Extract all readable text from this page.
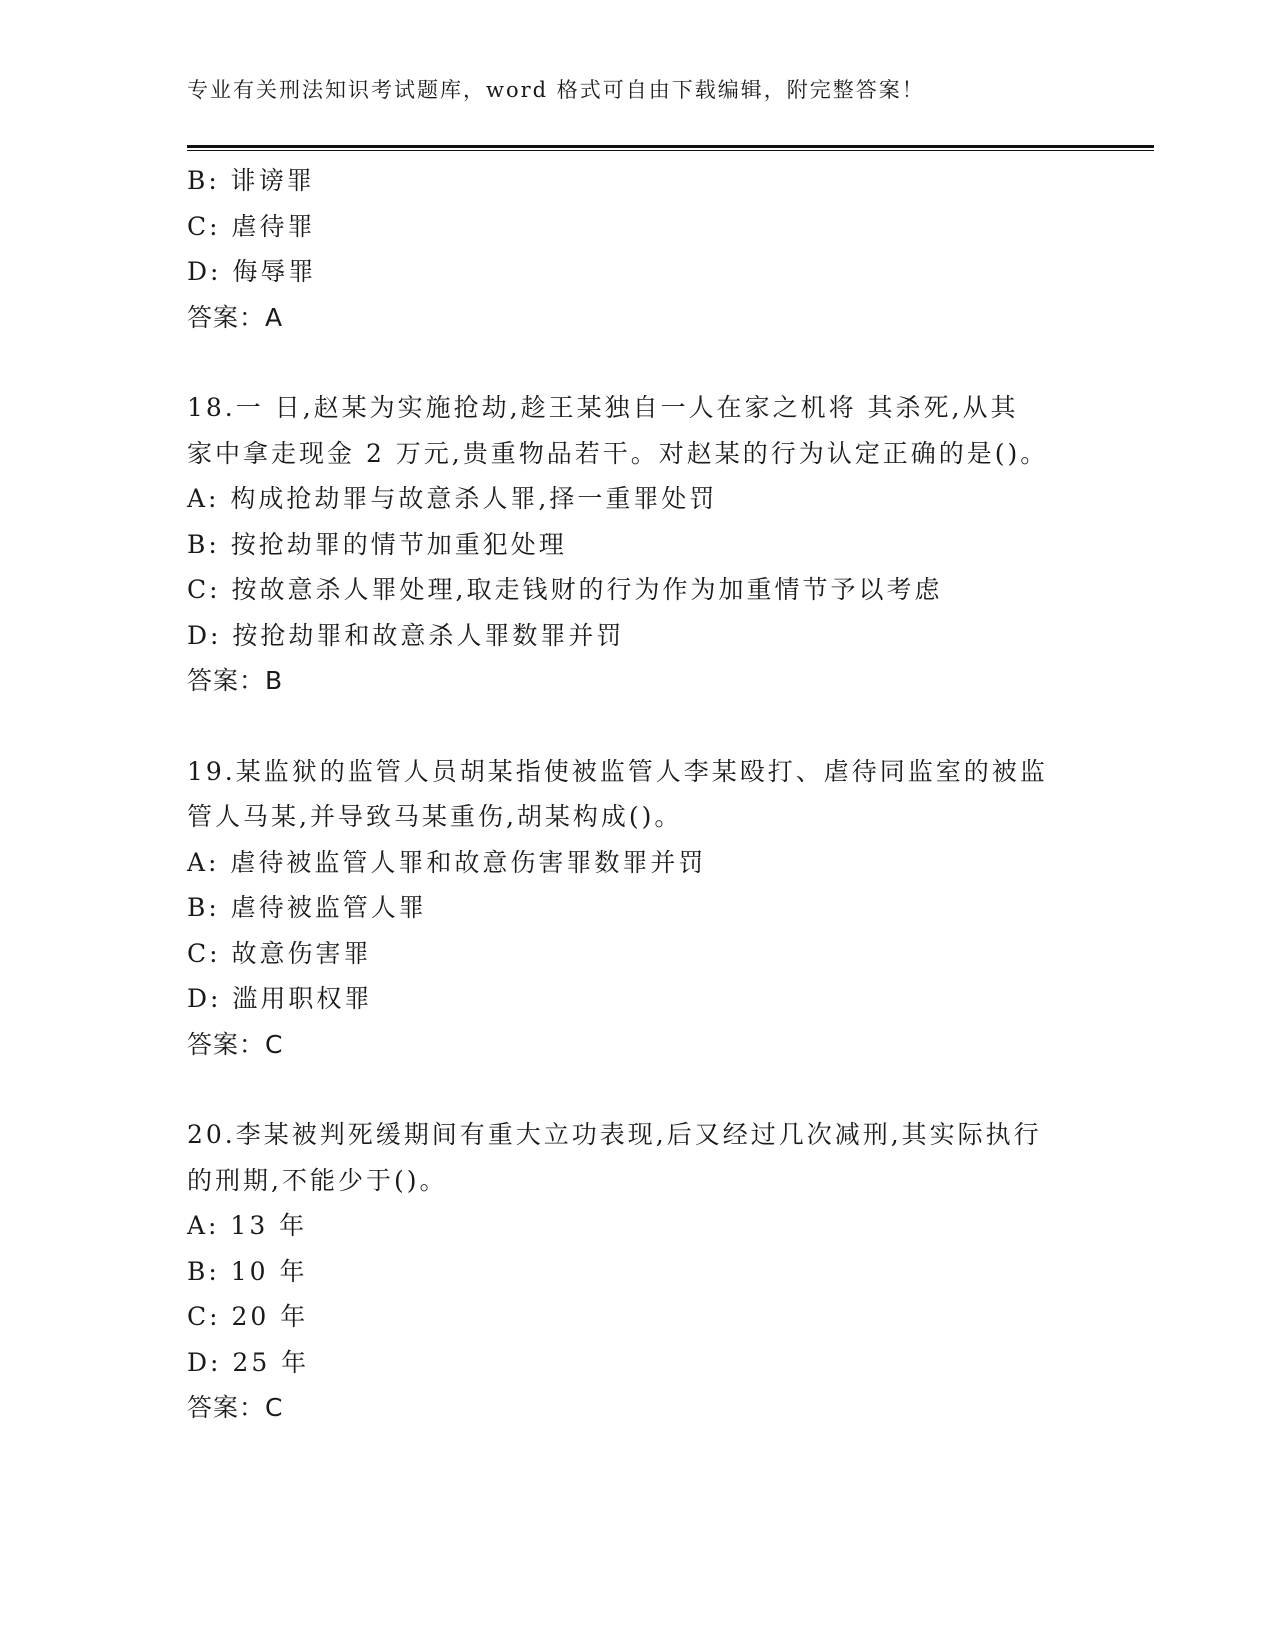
专业有关刑法知识考试题库，word 格式可自由下载编辑，附完整答案！
B: 诽谤罪
C: 虐待罪
D: 侮辱罪
答案：A
18.一 日,赵某为实施抢劫,趁王某独自一人在家之机将 其杀死,从其
家中拿走现金 2 万元,贵重物品若干。对赵某的行为认定正确的是()。
A: 构成抢劫罪与故意杀人罪,择一重罪处罚
B: 按抢劫罪的情节加重犯处理
C: 按故意杀人罪处理,取走钱财的行为作为加重情节予以考虑
D: 按抢劫罪和故意杀人罪数罪并罚
答案：B
19.某监狱的监管人员胡某指使被监管人李某殴打、虐待同监室的被监
管人马某,并导致马某重伤,胡某构成()。
A: 虐待被监管人罪和故意伤害罪数罪并罚
B: 虐待被监管人罪
C: 故意伤害罪
D: 滥用职权罪
答案：C
20.李某被判死缓期间有重大立功表现,后又经过几次减刑,其实际执行
的刑期,不能少于()。
A: 13 年
B: 10 年
C: 20 年
D: 25 年
答案：C
